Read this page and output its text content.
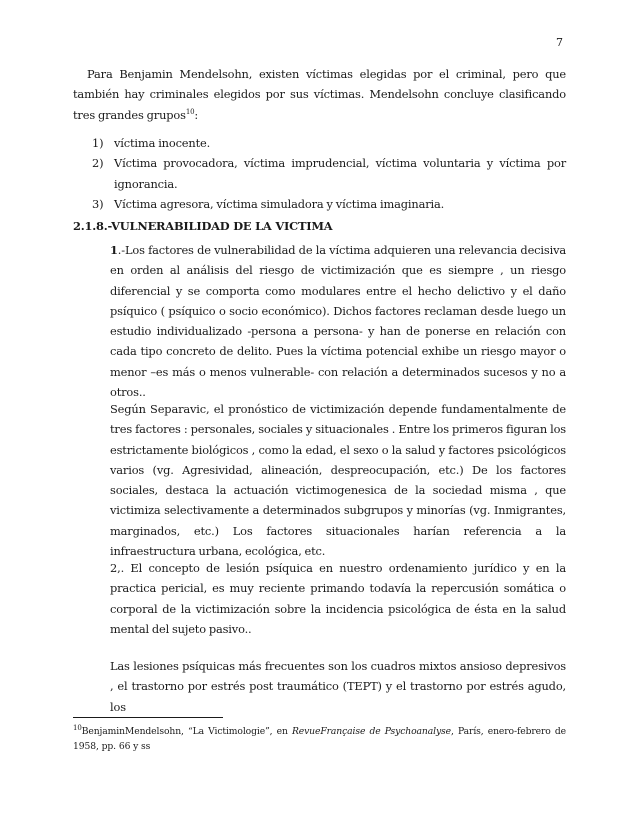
7

Para Benjamin Mendelsohn, existen víctimas elegidas por el criminal, pero que también hay criminales elegidos por sus víctimas. Mendelsohn concluye clasificando tres grandes grupos$^{10}$:

1) víctima inocente.
2) Víctima provocadora, víctima imprudencial, víctima voluntaria y víctima por ignorancia.
3) Víctima agresora, víctima simuladora y víctima imaginaria.
2.1.8.-VULNERABILIDAD DE LA VICTIMA

1.-Los factores de vulnerabilidad de la víctima adquieren una relevancia decisiva en orden al análisis del riesgo de victimización que es siempre , un riesgo diferencial y se comporta como modulares entre el hecho delictivo y el daño psíquico ( psíquico o socio económico). Dichos factores reclaman desde luego un estudio individualizado -persona a persona- y han de ponerse en relación con cada tipo concreto de delito. Pues la víctima potencial exhibe un riesgo mayor o menor –es más o menos vulnerable- con relación a determinados sucesos y no a otros..

Según Separavic, el pronóstico de victimización depende fundamentalmente de tres factores : personales, sociales y situacionales . Entre los primeros figuran los estrictamente biológicos , como la edad, el sexo o la salud y factores psicológicos varios (vg. Agresividad, alineación, despreocupación, etc.) De los factores sociales, destaca la actuación victimogenesica de la sociedad misma , que victimiza selectivamente a determinados subgrupos y minorías (vg. Inmigrantes, marginados, etc.) Los factores situacionales harían referencia a la infraestructura urbana, ecológica, etc.

2,. El concepto de lesión psíquica en nuestro ordenamiento jurídico y en la practica pericial, es muy reciente primando todavía la repercusión somática o corporal de la victimización sobre la incidencia psicológica de ésta en la salud mental del sujeto pasivo..

Las lesiones psíquicas más frecuentes son los cuadros mixtos ansioso depresivos , el trastorno por estrés post traumático (TEPT) y el trastorno por estrés agudo, los

$^{10}$BenjaminMendelsohn, “La Victimologie”, en RevueFrançaise de Psychoanalyse, París, enero-febrero de 1958, pp. 66 y ss
